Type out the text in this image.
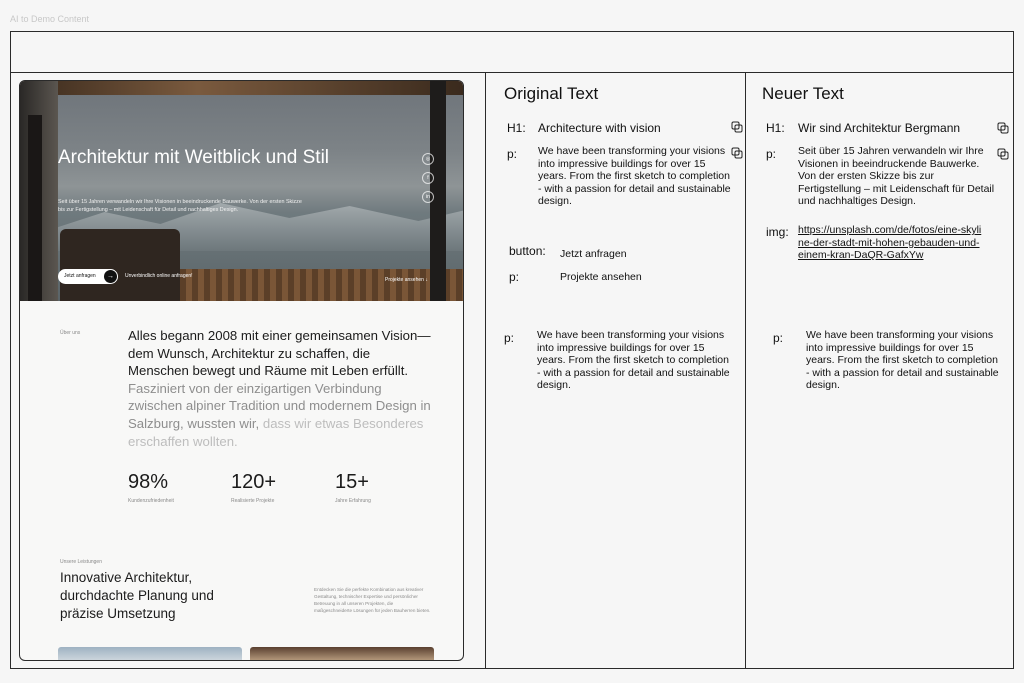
AI to Demo Content
Architektur mit Weitblick und Stil
Seit über 15 Jahren verwandeln wir Ihre Visionen in beeindruckende Bauwerke. Von der ersten Skizze bis zur Fertigstellung – mit Leidenschaft für Detail und nachhaltiges Design.
◎
f
in
Jetzt anfragen	→	Unverbindlich online anfragen!
Projekte ansehen ↓
Über uns	Alles begann 2008 mit einer gemeinsamen Vision—dem Wunsch, Architektur zu schaffen, die Menschen bewegt und Räume mit Leben erfüllt. Fasziniert von der einzigartigen Verbindung zwischen alpiner Tradition und modernem Design in Salzburg, wussten wir, dass wir etwas Besonderes erschaffen wollten.
98%
Kundenzufriedenheit
120+
Realisierte Projekte
15+
Jahre Erfahrung
Unsere Leistungen
Innovative Architektur, durchdachte Planung und präzise Umsetzung
Entdecken Sie die perfekte Kombination aus kreativer Gestaltung, technischer Expertise und persönlicher Betreuung in all unseren Projekten, die maßgeschneiderte Lösungen für jeden Bauherren bieten.
Original Text
H1: Architecture with vision
p: We have been transforming your visions into impressive buildings for over 15 years. From the first sketch to completion - with a passion for detail and sustainable design.
button: Jetzt anfragen
p:	Projekte ansehen
p: We have been transforming your visions into impressive buildings for over 15 years. From the first sketch to completion - with a passion for detail and sustainable design.
Neuer Text
H1: Wir sind Architektur Bergmann
p: Seit über 15 Jahren verwandeln wir Ihre Visionen in beeindruckende Bauwerke. Von der ersten Skizze bis zur Fertigstellung – mit Leidenschaft für Detail und nachhaltiges Design.
img: https://unsplash.com/de/fotos/eine-skyline-der-stadt-mit-hohen-gebauden-und-einem-kran-DaQR-GafxYw
p: We have been transforming your visions into impressive buildings for over 15 years. From the first sketch to completion - with a passion for detail and sustainable design.
